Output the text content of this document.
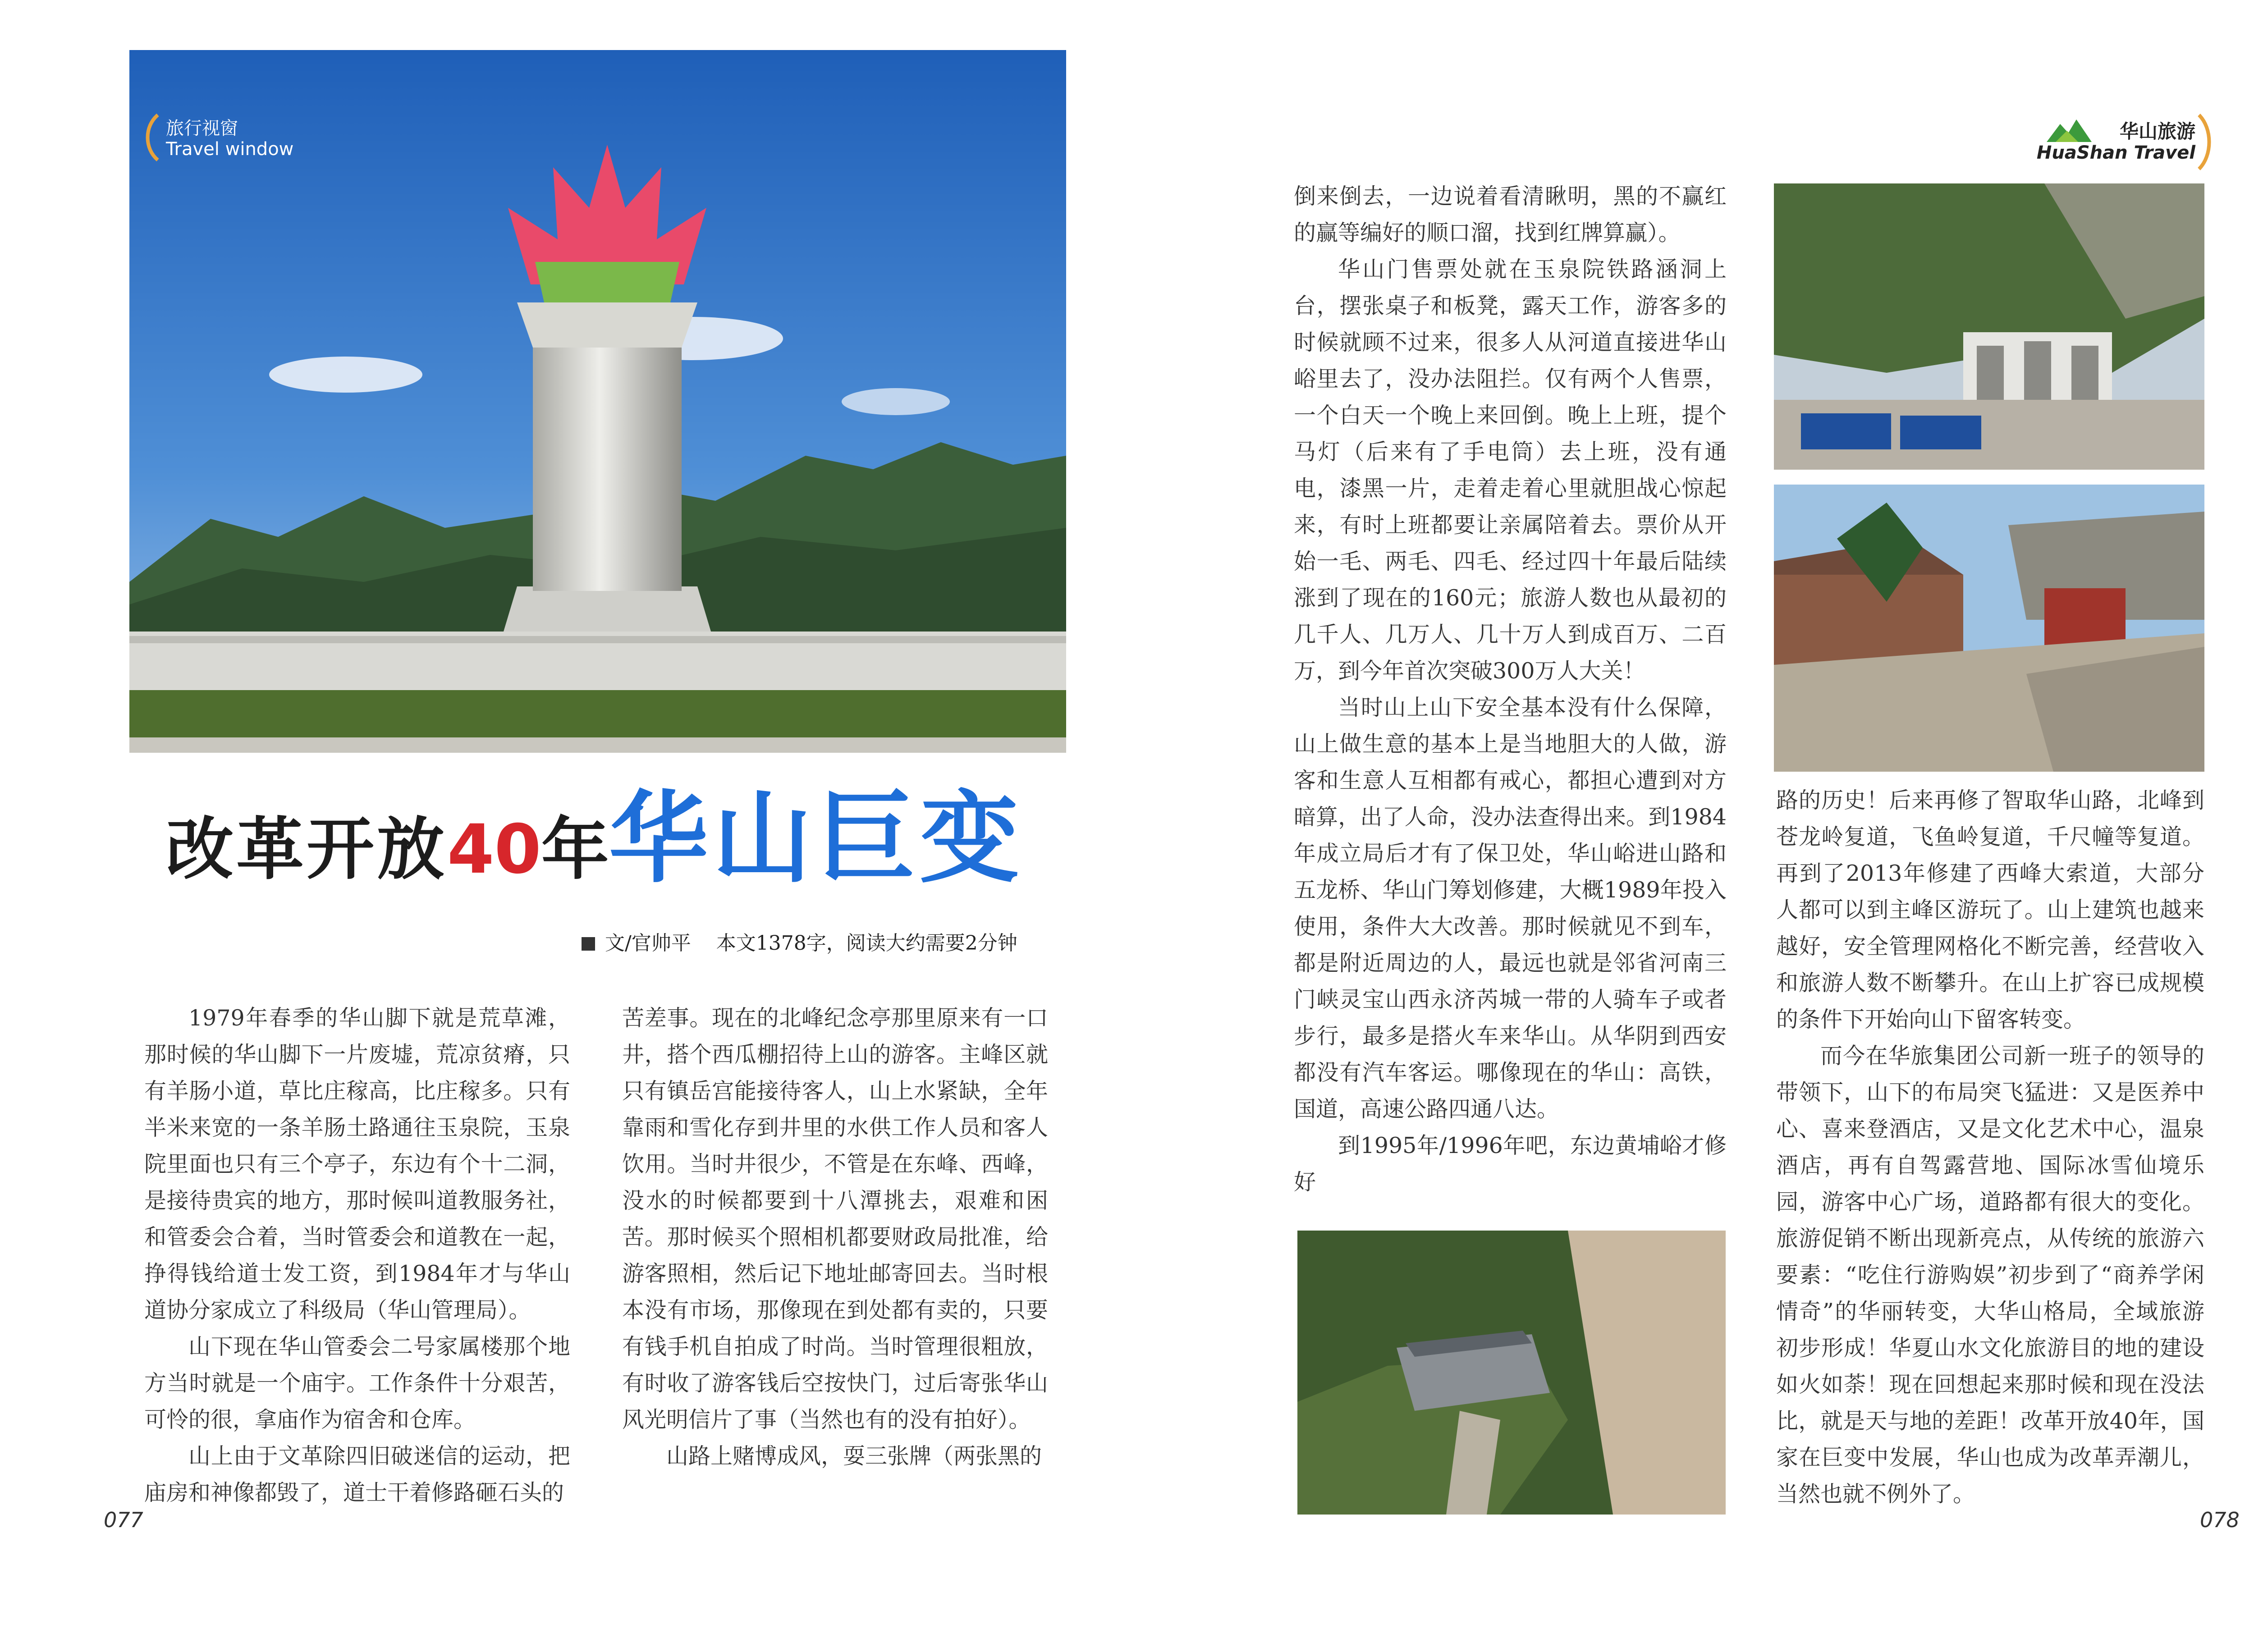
旅行视窗
Travel window
改革开放40年华山巨变
文/官帅平 本文1378字，阅读大约需要2分钟

1979年春季的华山脚下就是荒草滩，那时候的华山脚下一片废墟，荒凉贫瘠，只有羊肠小道，草比庄稼高，比庄稼多。只有半米来宽的一条羊肠土路通往玉泉院，玉泉院里面也只有三个亭子，东边有个十二洞，是接待贵宾的地方，那时候叫道教服务社，和管委会合着，当时管委会和道教在一起，挣得钱给道士发工资，到1984年才与华山道协分家成立了科级局（华山管理局）。

山下现在华山管委会二号家属楼那个地方当时就是一个庙宇。工作条件十分艰苦，可怜的很，拿庙作为宿舍和仓库。

山上由于文革除四旧破迷信的运动，把庙房和神像都毁了，道士干着修路砸石头的

苦差事。现在的北峰纪念亭那里原来有一口井，搭个西瓜棚招待上山的游客。主峰区就只有镇岳宫能接待客人，山上水紧缺，全年靠雨和雪化存到井里的水供工作人员和客人饮用。当时井很少，不管是在东峰、西峰，没水的时候都要到十八潭挑去，艰难和困苦。那时候买个照相机都要财政局批准，给游客照相，然后记下地址邮寄回去。当时根本没有市场，那像现在到处都有卖的，只要有钱手机自拍成了时尚。当时管理很粗放，有时收了游客钱后空按快门，过后寄张华山风光明信片了事（当然也有的没有拍好）。

山路上赌博成风，耍三张牌（两张黑的

077
华山旅游
HuaShan Travel

倒来倒去，一边说着看清瞅明，黑的不赢红的赢等编好的顺口溜，找到红牌算赢）。

华山门售票处就在玉泉院铁路涵洞上台，摆张桌子和板凳，露天工作，游客多的时候就顾不过来，很多人从河道直接进华山峪里去了，没办法阻拦。仅有两个人售票，一个白天一个晚上来回倒。晚上上班，提个马灯（后来有了手电筒）去上班，没有通电，漆黑一片，走着走着心里就胆战心惊起来，有时上班都要让亲属陪着去。票价从开始一毛、两毛、四毛、经过四十年最后陆续涨到了现在的160元；旅游人数也从最初的几千人、几万人、几十万人到成百万、二百万，到今年首次突破300万人大关！

当时山上山下安全基本没有什么保障，山上做生意的基本上是当地胆大的人做，游客和生意人互相都有戒心，都担心遭到对方暗算，出了人命，没办法查得出来。到1984年成立局后才有了保卫处，华山峪进山路和五龙桥、华山门筹划修建，大概1989年投入使用，条件大大改善。那时候就见不到车，都是附近周边的人，最远也就是邻省河南三门峡灵宝山西永济芮城一带的人骑车子或者步行，最多是搭火车来华山。从华阴到西安都没有汽车客运。哪像现在的华山：高铁，国道，高速公路四通八达。

到1995年/1996年吧，东边黄埔峪才修好

路的历史！后来再修了智取华山路，北峰到苍龙岭复道，飞鱼岭复道，千尺幢等复道。再到了2013年修建了西峰大索道，大部分人都可以到主峰区游玩了。山上建筑也越来越好，安全管理网格化不断完善，经营收入和旅游人数不断攀升。在山上扩容已成规模的条件下开始向山下留客转变。

而今在华旅集团公司新一班子的领导的带领下，山下的布局突飞猛进：又是医养中心、喜来登酒店，又是文化艺术中心，温泉酒店，再有自驾露营地、国际冰雪仙境乐园，游客中心广场，道路都有很大的变化。旅游促销不断出现新亮点，从传统的旅游六要素：“吃住行游购娱”初步到了“商养学闲情奇”的华丽转变，大华山格局，全域旅游初步形成！华夏山水文化旅游目的地的建设如火如荼！现在回想起来那时候和现在没法比，就是天与地的差距！改革开放40年，国家在巨变中发展，华山也成为改革弄潮儿，当然也就不例外了。

078
